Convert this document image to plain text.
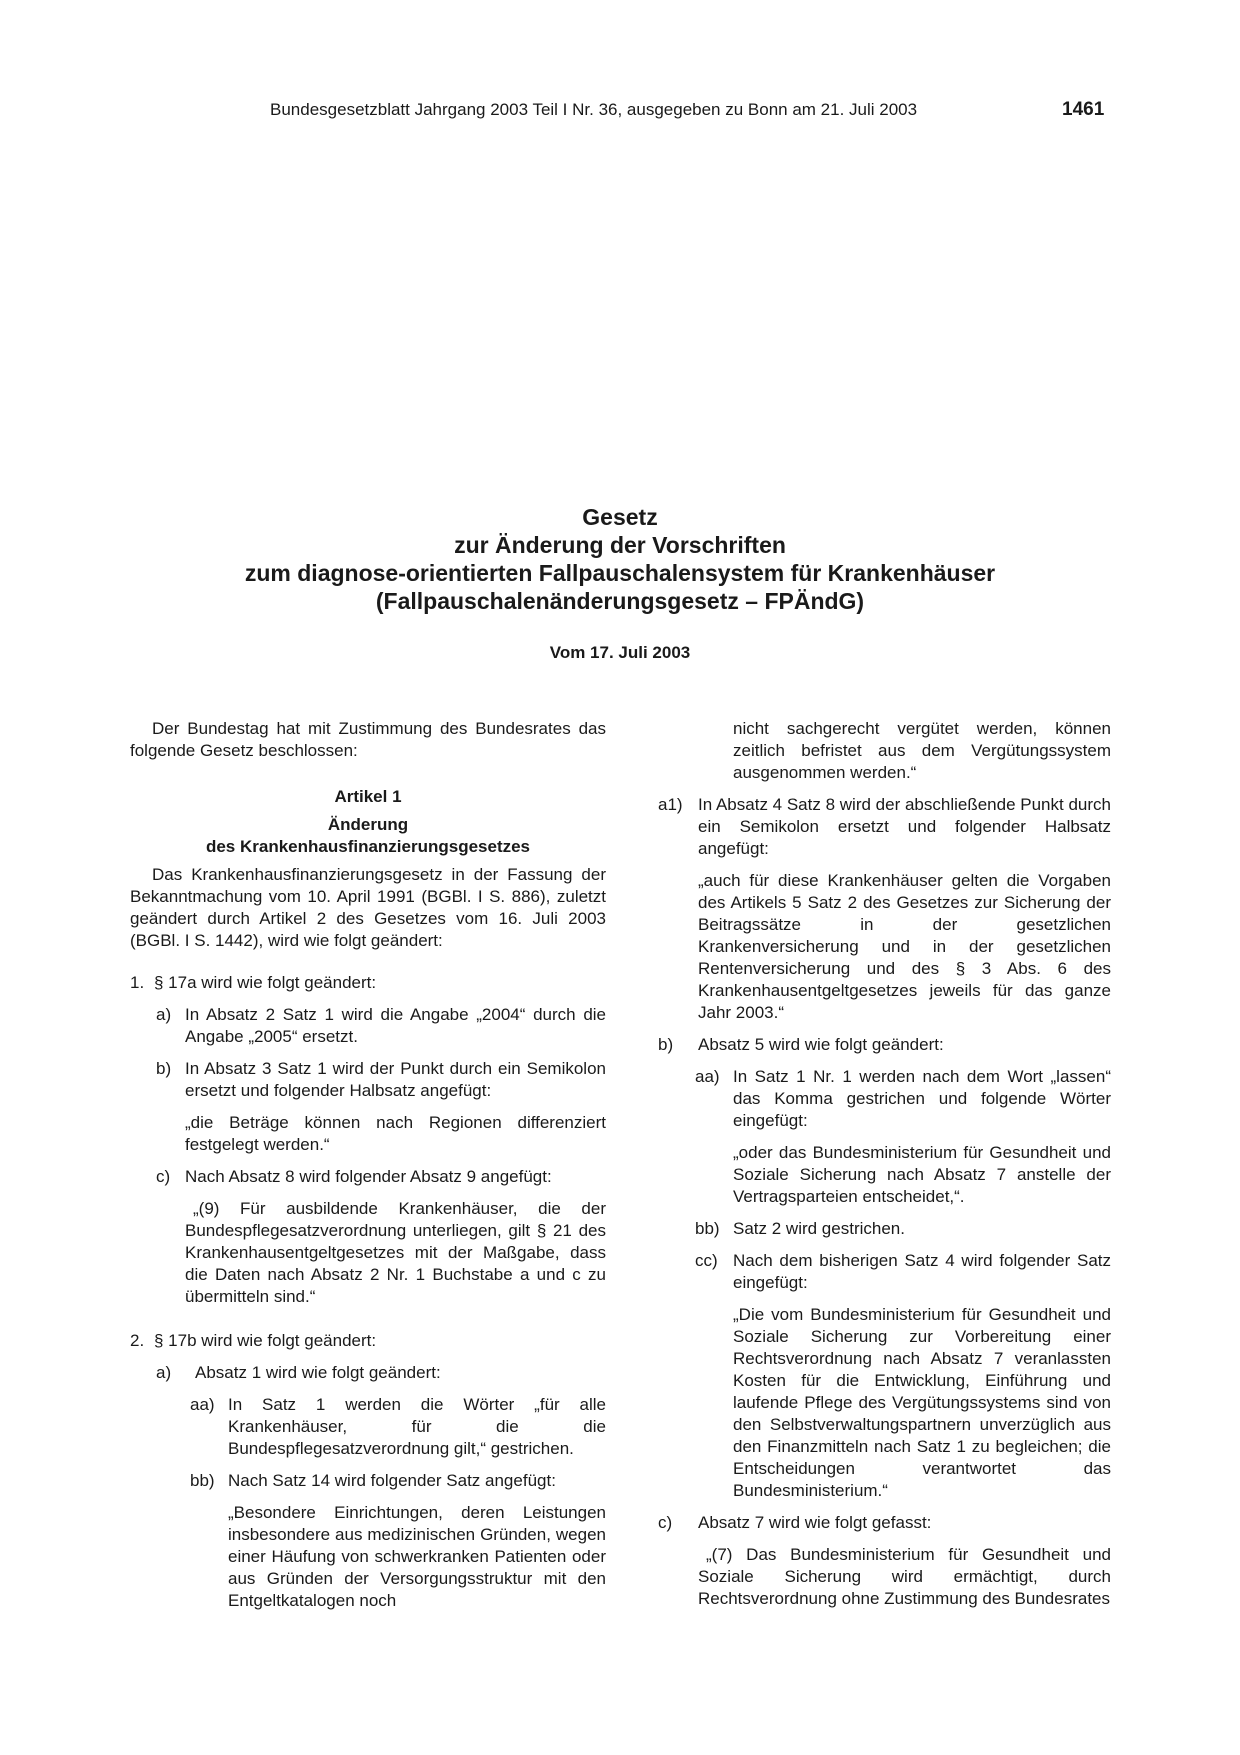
Bundesgesetzblatt Jahrgang 2003 Teil I Nr. 36, ausgegeben zu Bonn am 21. Juli 2003	1461
Gesetz
zur Änderung der Vorschriften
zum diagnose-orientierten Fallpauschalensystem für Krankenhäuser
(Fallpauschalenänderungsgesetz – FPÄndG)
Vom 17. Juli 2003
Der Bundestag hat mit Zustimmung des Bundesrates das folgende Gesetz beschlossen:
Artikel 1
Änderung
des Krankenhausfinanzierungsgesetzes
Das Krankenhausfinanzierungsgesetz in der Fassung der Bekanntmachung vom 10. April 1991 (BGBl. I S. 886), zuletzt geändert durch Artikel 2 des Gesetzes vom 16. Juli 2003 (BGBl. I S. 1442), wird wie folgt geändert:
1. § 17a wird wie folgt geändert:
a) In Absatz 2 Satz 1 wird die Angabe „2004“ durch die Angabe „2005“ ersetzt.
b) In Absatz 3 Satz 1 wird der Punkt durch ein Semikolon ersetzt und folgender Halbsatz angefügt:
„die Beträge können nach Regionen differenziert festgelegt werden.“
c) Nach Absatz 8 wird folgender Absatz 9 angefügt:
„(9) Für ausbildende Krankenhäuser, die der Bundespflegesatzverordnung unterliegen, gilt § 21 des Krankenhausentgeltgesetzes mit der Maßgabe, dass die Daten nach Absatz 2 Nr. 1 Buchstabe a und c zu übermitteln sind.“
2. § 17b wird wie folgt geändert:
a) Absatz 1 wird wie folgt geändert:
aa) In Satz 1 werden die Wörter „für alle Krankenhäuser, für die die Bundespflegesatzverordnung gilt,“ gestrichen.
bb) Nach Satz 14 wird folgender Satz angefügt:
„Besondere Einrichtungen, deren Leistungen insbesondere aus medizinischen Gründen, wegen einer Häufung von schwerkranken Patienten oder aus Gründen der Versorgungsstruktur mit den Entgeltkatalogen noch
nicht sachgerecht vergütet werden, können zeitlich befristet aus dem Vergütungssystem ausgenommen werden.“
a1) In Absatz 4 Satz 8 wird der abschließende Punkt durch ein Semikolon ersetzt und folgender Halbsatz angefügt:
„auch für diese Krankenhäuser gelten die Vorgaben des Artikels 5 Satz 2 des Gesetzes zur Sicherung der Beitragssätze in der gesetzlichen Krankenversicherung und in der gesetzlichen Rentenversicherung und des § 3 Abs. 6 des Krankenhausentgeltgesetzes jeweils für das ganze Jahr 2003.“
b) Absatz 5 wird wie folgt geändert:
aa) In Satz 1 Nr. 1 werden nach dem Wort „lassen“ das Komma gestrichen und folgende Wörter eingefügt:
„oder das Bundesministerium für Gesundheit und Soziale Sicherung nach Absatz 7 anstelle der Vertragsparteien entscheidet,“.
bb) Satz 2 wird gestrichen.
cc) Nach dem bisherigen Satz 4 wird folgender Satz eingefügt:
„Die vom Bundesministerium für Gesundheit und Soziale Sicherung zur Vorbereitung einer Rechtsverordnung nach Absatz 7 veranlassten Kosten für die Entwicklung, Einführung und laufende Pflege des Vergütungssystems sind von den Selbstverwaltungspartnern unverzüglich aus den Finanzmitteln nach Satz 1 zu begleichen; die Entscheidungen verantwortet das Bundesministerium.“
c) Absatz 7 wird wie folgt gefasst:
„(7) Das Bundesministerium für Gesundheit und Soziale Sicherung wird ermächtigt, durch Rechtsverordnung ohne Zustimmung des Bundesrates
